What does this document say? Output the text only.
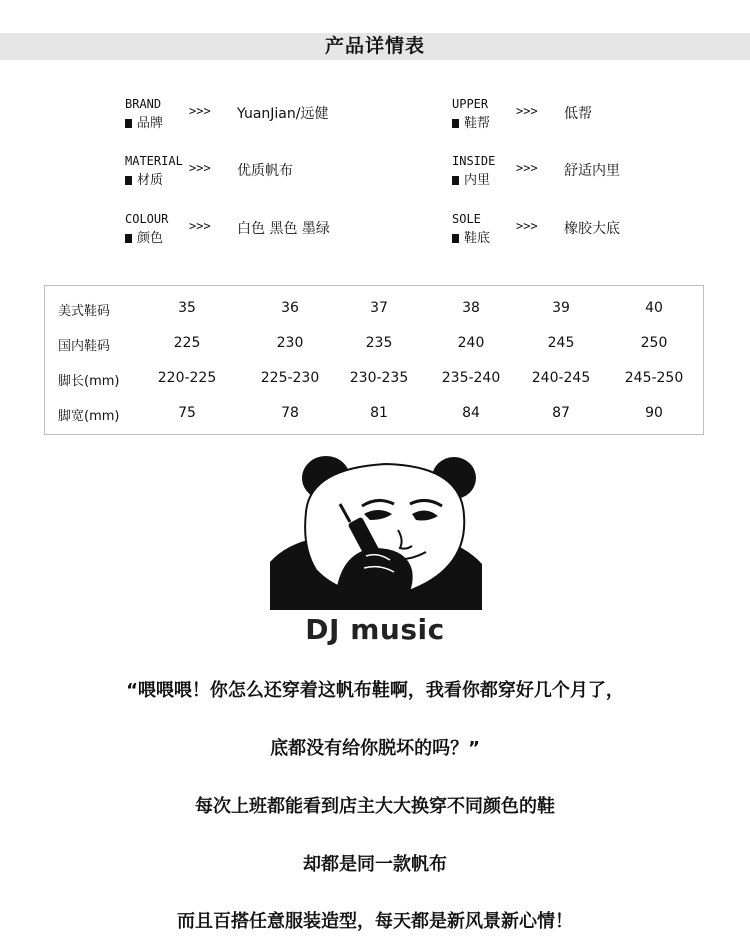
产品详情表
BRAND
品牌
>>> YuanJian/远健
UPPER
鞋帮
>>> 低帮
MATERIAL
材质
>>> 优质帆布
INSIDE
内里
>>> 舒适内里
COLOUR
颜色
>>> 白色 黑色 墨绿
SOLE
鞋底
>>> 橡胶大底
美式鞋码	35	36	37	38	39	40
国内鞋码	225	230	235	240	245	250
脚长(mm)	220-225	225-230	230-235	235-240	240-245	245-250
脚宽(mm)	75	78	81	84	87	90
DJ music
“喂喂喂！你怎么还穿着这帆布鞋啊，我看你都穿好几个月了，
底都没有给你脱坏的吗？”
每次上班都能看到店主大大换穿不同颜色的鞋
却都是同一款帆布
而且百搭任意服装造型，每天都是新风景新心情！
